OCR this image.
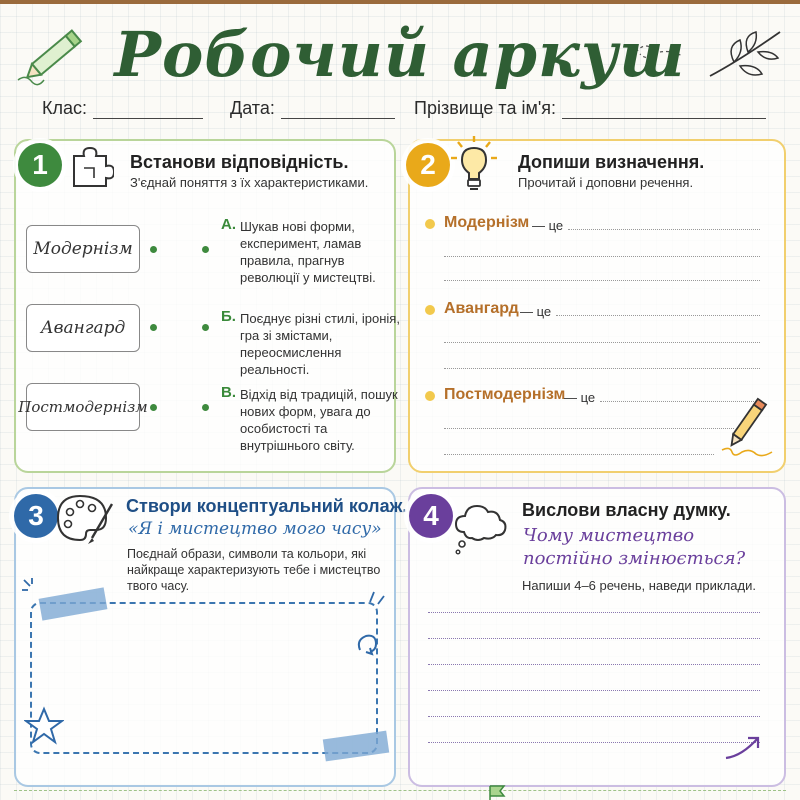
Робочий аркуш
Клас:	Дата:	Прізвище та ім'я:
1	Встанови відповідність.
З'єднай поняття з їх характеристиками.
Модернізм
Авангард
Постмодернізм
А. Шукав нові форми, експеримент, ламав правила, прагнув революції у мистецтві.
Б. Поєднує різні стилі, іронія, гра зі змістами, переосмислення реальності.
В. Відхід від традицій, пошук нових форм, увага до особистості та внутрішнього світу.
2	Допиши визначення.
Прочитай і доповни речення.
Модернізм — це
Авангард — це
Постмодернізм
— це
3	Створи концептуальний колаж.
«Я і мистецтво мого часу»
Поєднай образи, символи та кольори, які найкраще характеризують тебе і мистецтво твого часу.
4	Вислови власну думку.
Чому мистецтво
постійно змінюється?
Напиши 4–6 речень, наведи приклади.
